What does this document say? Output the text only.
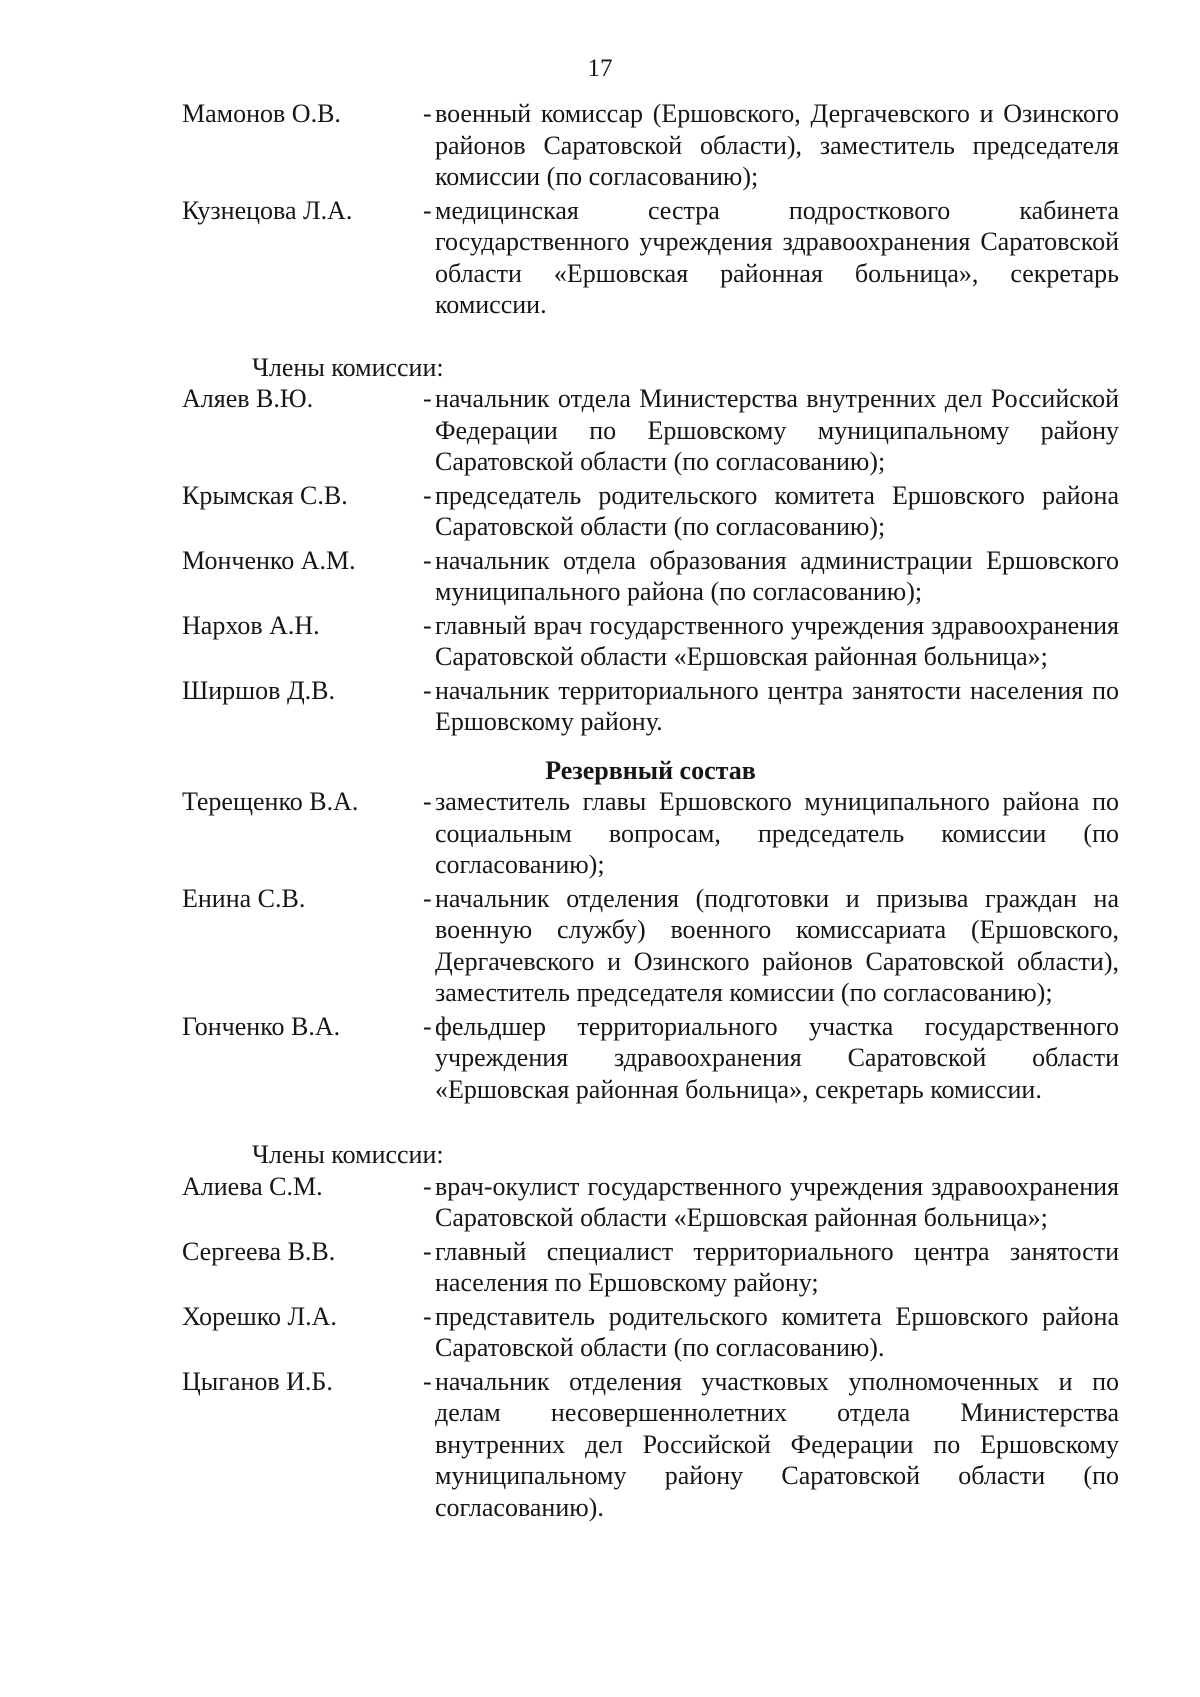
17
Мамонов О.В.	- военный комиссар (Ершовского, Дергачевского и Озинского районов Саратовской области), заместитель председателя комиссии (по согласованию);
Кузнецова Л.А.	- медицинская сестра подросткового кабинета государственного учреждения здравоохранения Саратовской области «Ершовская районная больница», секретарь комиссии.
Члены комиссии:
Аляев В.Ю.	- начальник отдела Министерства внутренних дел Российской Федерации по Ершовскому муниципальному району Саратовской области (по согласованию);
Крымская С.В.	- председатель родительского комитета Ершовского района Саратовской области (по согласованию);
Монченко А.М.	- начальник отдела образования администрации Ершовского муниципального района (по согласованию);
Нархов А.Н.	- главный врач государственного учреждения здравоохранения Саратовской области «Ершовская районная больница»;
Ширшов Д.В.	- начальник территориального центра занятости населения по Ершовскому району.
Резервный состав
Терещенко В.А.	- заместитель главы Ершовского муниципального района по социальным вопросам, председатель комиссии (по согласованию);
Енина С.В.	- начальник отделения (подготовки и призыва граждан на военную службу) военного комиссариата (Ершовского, Дергачевского и Озинского районов Саратовской области), заместитель председателя комиссии (по согласованию);
Гонченко В.А.	- фельдшер территориального участка государственного учреждения здравоохранения Саратовской области «Ершовская районная больница», секретарь комиссии.
Члены комиссии:
Алиева С.М.	- врач-окулист государственного учреждения здравоохранения Саратовской области «Ершовская районная больница»;
Сергеева В.В.	- главный специалист территориального центра занятости населения по Ершовскому району;
Хорешко Л.А.	- представитель родительского комитета Ершовского района Саратовской области (по согласованию).
Цыганов И.Б.	- начальник отделения участковых уполномоченных и по делам несовершеннолетних отдела Министерства внутренних дел Российской Федерации по Ершовскому муниципальному району Саратовской области (по согласованию).
